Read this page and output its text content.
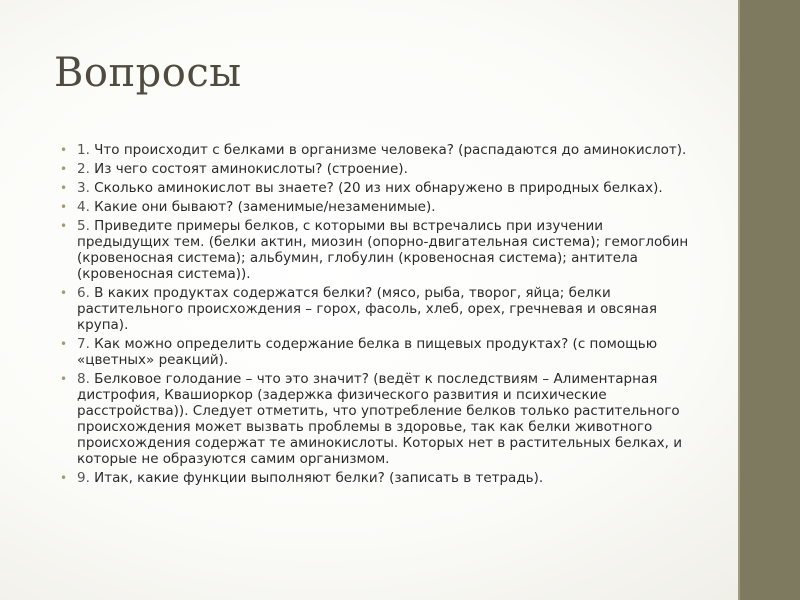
Вопросы
• 1. Что происходит с белками в организме человека? (распадаются до аминокислот).
• 2. Из чего состоят аминокислоты? (строение).
• 3. Сколько аминокислот вы знаете? (20 из них обнаружено в природных белках).
• 4. Какие они бывают? (заменимые/незаменимые).
• 5. Приведите примеры белков, с которыми вы встречались при изучении предыдущих тем. (белки актин, миозин (опорно-двигательная система); гемоглобин (кровеносная система); альбумин, глобулин (кровеносная система); антитела (кровеносная система)).
• 6. В каких продуктах содержатся белки? (мясо, рыба, творог, яйца; белки растительного происхождения – горох, фасоль, хлеб, орех, гречневая и овсяная крупа).
• 7. Как можно определить содержание белка в пищевых продуктах? (с помощью «цветных» реакций).
• 8. Белковое голодание – что это значит? (ведёт к последствиям – Алиментарная дистрофия, Квашиоркор (задержка физического развития и психические расстройства)). Следует отметить, что употребление белков только растительного происхождения может вызвать проблемы в здоровье, так как белки животного происхождения содержат те аминокислоты. Которых нет в растительных белках, и которые не образуются самим организмом.
• 9. Итак, какие функции выполняют белки? (записать в тетрадь).
